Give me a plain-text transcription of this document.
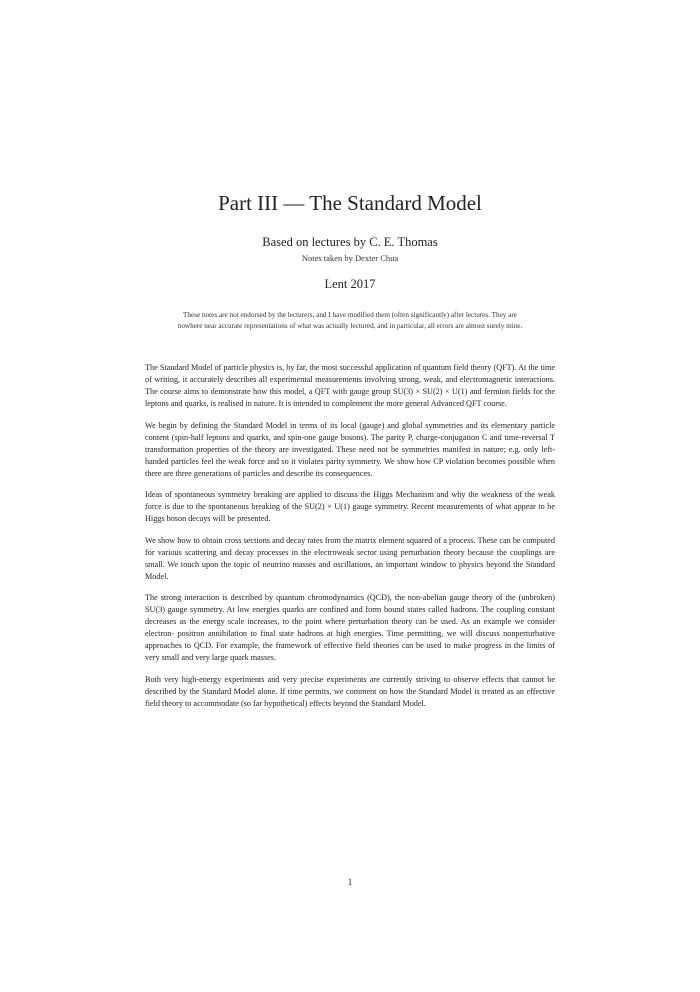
Part III — The Standard Model
Based on lectures by C. E. Thomas
Notes taken by Dexter Chua
Lent 2017
These notes are not endorsed by the lecturers, and I have modified them (often significantly) after lectures. They are nowhere near accurate representations of what was actually lectured, and in particular, all errors are almost surely mine.

The Standard Model of particle physics is, by far, the most successful application of quantum field theory (QFT). At the time of writing, it accurately describes all experimental measurements involving strong, weak, and electromagnetic interactions. The course aims to demonstrate how this model, a QFT with gauge group SU(3) × SU(2) × U(1) and fermion fields for the leptons and quarks, is realised in nature. It is intended to complement the more general Advanced QFT course.

We begin by defining the Standard Model in terms of its local (gauge) and global symmetries and its elementary particle content (spin-half leptons and quarks, and spin-one gauge bosons). The parity P, charge-conjugation C and time-reversal T transformation properties of the theory are investigated. These need not be symmetries manifest in nature; e.g. only left-handed particles feel the weak force and so it violates parity symmetry. We show how CP violation becomes possible when there are three generations of particles and describe its consequences.

Ideas of spontaneous symmetry breaking are applied to discuss the Higgs Mechanism and why the weakness of the weak force is due to the spontaneous breaking of the SU(2) × U(1) gauge symmetry. Recent measurements of what appear to be Higgs boson decays will be presented.

We show how to obtain cross sections and decay rates from the matrix element squared of a process. These can be computed for various scattering and decay processes in the electroweak sector using perturbation theory because the couplings are small. We touch upon the topic of neutrino masses and oscillations, an important window to physics beyond the Standard Model.

The strong interaction is described by quantum chromodynamics (QCD), the non-abelian gauge theory of the (unbroken) SU(3) gauge symmetry. At low energies quarks are confined and form bound states called hadrons. The coupling constant decreases as the energy scale increases, to the point where perturbation theory can be used. As an example we consider electron- positron annihilation to final state hadrons at high energies. Time permitting, we will discuss nonperturbative approaches to QCD. For example, the framework of effective field theories can be used to make progress in the limits of very small and very large quark masses.

Both very high-energy experiments and very precise experiments are currently striving to observe effects that cannot be described by the Standard Model alone. If time permits, we comment on how the Standard Model is treated as an effective field theory to accommodate (so far hypothetical) effects beyond the Standard Model.

1
